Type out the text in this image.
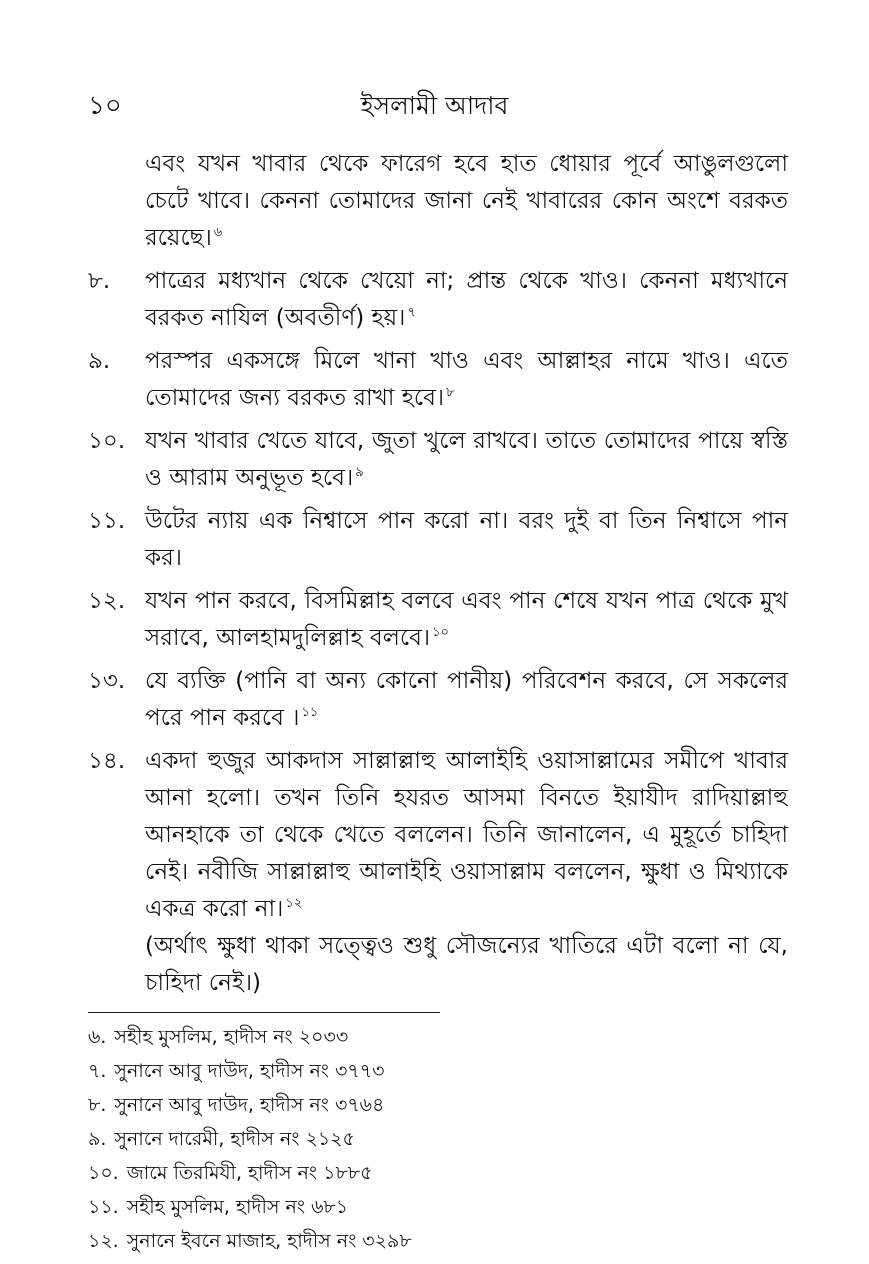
১০	ইসলামী আদাব

এবং যখন খাবার থেকে ফারেগ হবে হাত ধোয়ার পূর্বে আঙুলগুলো চেটে খাবে। কেননা তোমাদের জানা নেই খাবারের কোন অংশে বরকত রয়েছে। $^৬$

৮.	পাত্রের মধ্যখান থেকে খেয়ো না; প্রান্ত থেকে খাও। কেননা মধ্যখানে বরকত নাযিল (অবতীর্ণ) হয়। $^৭$
৯.	পরস্পর একসঙ্গে মিলে খানা খাও এবং আল্লাহর নামে খাও। এতে তোমাদের জন্য বরকত রাখা হবে। $^৮$
১০. যখন খাবার খেতে যাবে, জুতা খুলে রাখবে। তাতে তোমাদের পায়ে স্বস্তি ও আরাম অনুভূত হবে। $^৯$
১১. উটের ন্যায় এক নিশ্বাসে পান করো না। বরং দুই বা তিন নিশ্বাসে পান কর।
১২. যখন পান করবে, বিসমিল্লাহ বলবে এবং পান শেষে যখন পাত্র থেকে মুখ সরাবে, আলহামদুলিল্লাহ বলবে। $^{১০}$
১৩. যে ব্যক্তি (পানি বা অন্য কোনো পানীয়) পরিবেশন করবে, সে সকলের পরে পান করবে । $^{১১}$
১৪. একদা হুজুর আকদাস সাল্লাল্লাহু আলাইহি ওয়াসাল্লামের সমীপে খাবার আনা হলো। তখন তিনি হযরত আসমা বিনতে ইয়াযীদ রাদিয়াল্লাহু আনহাকে তা থেকে খেতে বললেন। তিনি জানালেন, এ মুহূর্তে চাহিদা নেই। নবীজি সাল্লাল্লাহু আলাইহি ওয়াসাল্লাম বললেন, ক্ষুধা ও মিথ্যাকে একত্র করো না। $^{১২}$

(অর্থাৎ ক্ষুধা থাকা সত্ত্বেও শুধু সৌজন্যের খাতিরে এটা বলো না যে, চাহিদা নেই।)

৬. সহীহ মুসলিম, হাদীস নং ২০৩৩

৭. সুনানে আবু দাউদ, হাদীস নং ৩৭৭৩

৮. সুনানে আবু দাউদ, হাদীস নং ৩৭৬৪

৯. সুনানে দারেমী, হাদীস নং ২১২৫

১০. জামে তিরমিযী, হাদীস নং ১৮৮৫

১১. সহীহ মুসলিম, হাদীস নং ৬৮১

১২. সুনানে ইবনে মাজাহ, হাদীস নং ৩২৯৮
